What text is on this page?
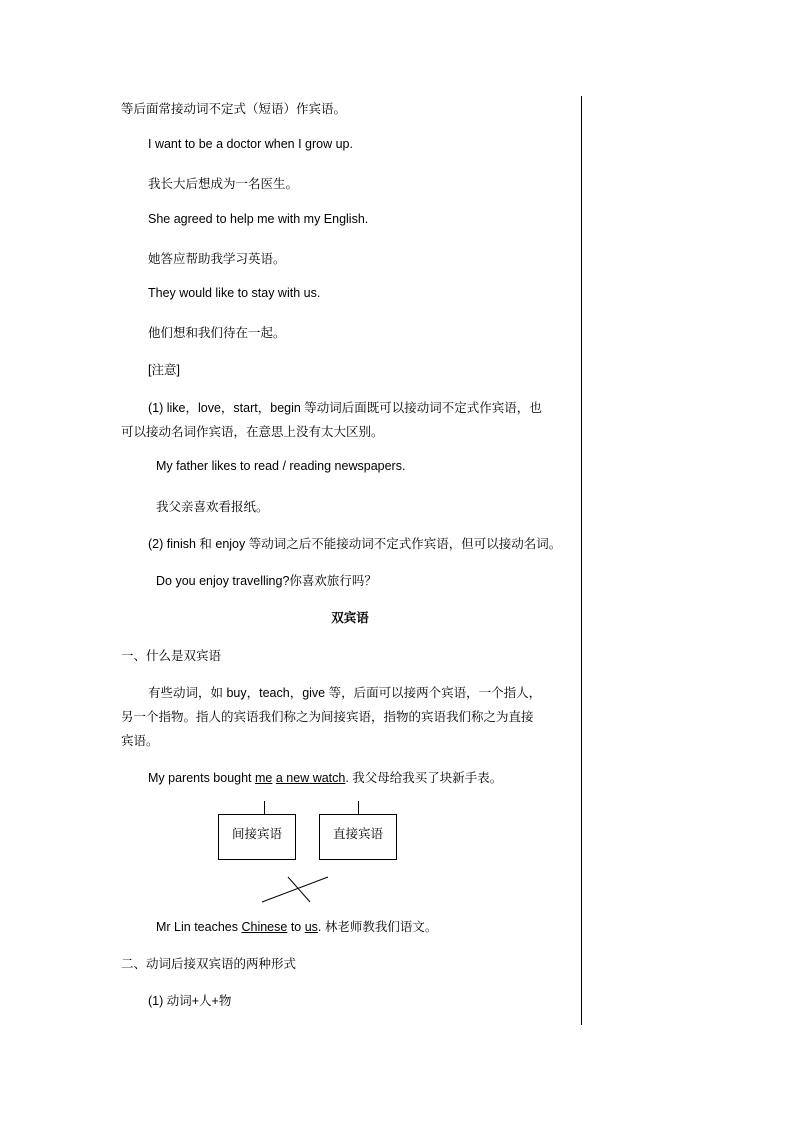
等后面常接动词不定式（短语）作宾语。
I want to be a doctor when I grow up.
我长大后想成为一名医生。
She agreed to help me with my English.
她答应帮助我学习英语。
They would like to stay with us.
他们想和我们待在一起。
[注意]
(1) like，love，start，begin 等动词后面既可以接动词不定式作宾语，也
可以接动名词作宾语，在意思上没有太大区别。
My father likes to read / reading newspapers.
我父亲喜欢看报纸。
(2) finish 和 enjoy 等动词之后不能接动词不定式作宾语，但可以接动名词。
Do you enjoy travelling?你喜欢旅行吗？
双宾语
一、什么是双宾语
有些动词，如 buy，teach，give 等，后面可以接两个宾语，一个指人，
另一个指物。指人的宾语我们称之为间接宾语，指物的宾语我们称之为直接
宾语。
My parents bought me a new watch. 我父母给我买了块新手表。
间接宾语	直接宾语
Mr Lin teaches Chinese to us. 林老师教我们语文。
二、动词后接双宾语的两种形式
(1) 动词+人+物
